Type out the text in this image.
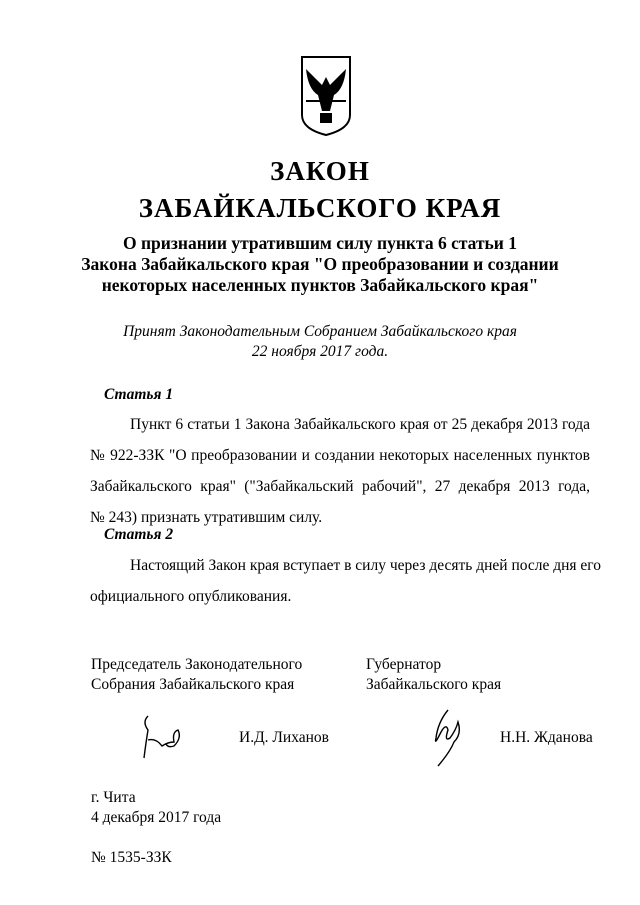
ЗАКОН
ЗАБАЙКАЛЬСКОГО КРАЯ
О признании утратившим силу пункта 6 статьи 1
Закона Забайкальского края "О преобразовании и создании
некоторых населенных пунктов Забайкальского края"
Принят Законодательным Собранием Забайкальского края
22 ноября 2017 года.
Статья 1
Пункт 6 статьи 1 Закона Забайкальского края от 25 декабря 2013 года
№ 922-ЗЗК "О преобразовании и создании некоторых населенных пунктов
Забайкальского края" ("Забайкальский рабочий", 27 декабря 2013 года,
№ 243) признать утратившим силу.
Статья 2
Настоящий Закон края вступает в силу через десять дней после дня его
официального опубликования.
Председатель Законодательного
Собрания Забайкальского края
Губернатор
Забайкальского края
И.Д. Лиханов	Н.Н. Жданова
г. Чита
4 декабря 2017 года
№ 1535-ЗЗК
